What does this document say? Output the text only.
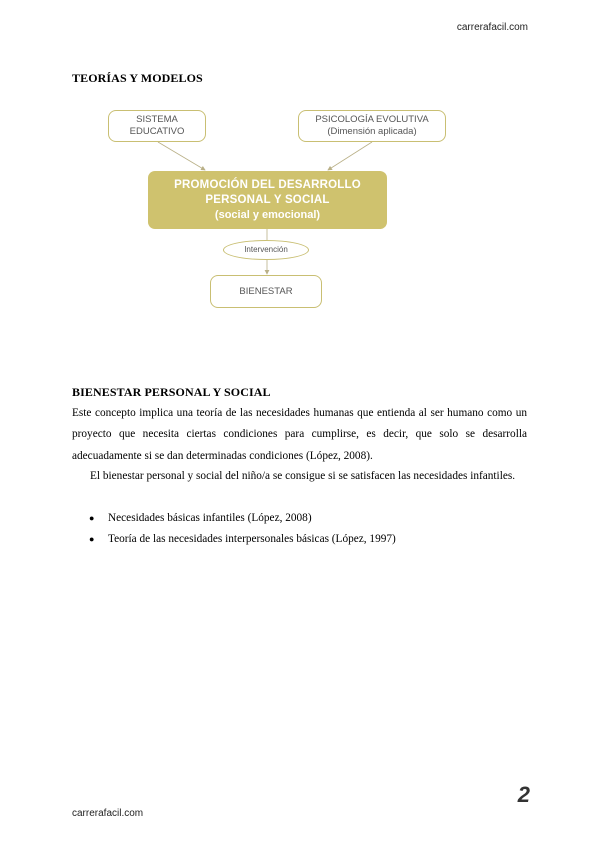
carrerafacil.com
TEORÍAS Y MODELOS
SISTEMA
EDUCATIVO
PSICOLOGÍA EVOLUTIVA
(Dimensión aplicada)
PROMOCIÓN DEL DESARROLLO
PERSONAL Y SOCIAL
(social y emocional)
Intervención
BIENESTAR
BIENESTAR PERSONAL Y SOCIAL

Este concepto implica una teoría de las necesidades humanas que entienda al ser humano como un proyecto que necesita ciertas condiciones para cumplirse, es decir, que solo se desarrolla adecuadamente si se dan determinadas condiciones (López, 2008).

El bienestar personal y social del niño/a se consigue si se satisfacen las necesidades infantiles.

● Necesidades básicas infantiles (López, 2008)
● Teoría de las necesidades interpersonales básicas (López, 1997)
2
carrerafacil.com
